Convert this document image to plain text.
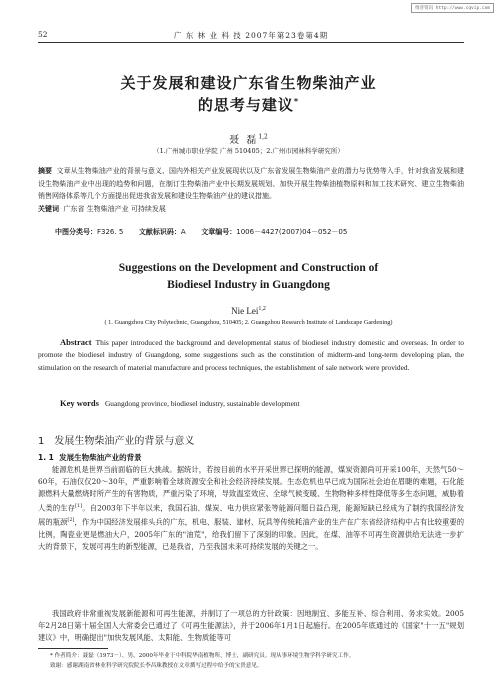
维普资讯 http://www.cqvip.com
52	广 东 林 业 科 技 2007年第23卷第4期
关于发展和建设广东省生物柴油产业
的思考与建议*
聂 磊$^{1,2}$
（1.广州城市职业学院 广州 510405；2.广州市园林科学研究所）
摘要 文章从生物柴油产业的背景与意义、国内外相关产业发展现状以及广东省发展生物柴油产业的潜力与优势等入手，针对我省发展和建设生物柴油产业中出现的趋势和问题，在制订生物柴油产业中长期发展规划、加快开展生物柴油植物原料和加工技术研究、建立生物柴油销售网络体系等几个方面提出促进我省发展和建设生物柴油产业的建议措施。
关键词 广东省 生物柴油产业 可持续发展
中图分类号：F326. 5 文献标识码：A 文章编号：1006－4427(2007)04－052－05
Suggestions on the Development and Construction of
Biodiesel Industry in Guangdong
Nie Lei$^{1,2}$
( 1. Guangzhou City Polytechnic, Guangzhou, 510405; 2. Guangzhou Research Institute of Landscape Gardening)
Abstract This paper introduced the background and developmental status of biodiesel industry domestic and overseas. In order to promote the biodiesel industry of Guangdong, some suggestions such as the constitution of midterm-and long-term developing plan, the stimulation on the research of material manufacture and process techniques, the establishment of sale network were provided.
Key words Guangdong province, biodiesel industry, sustainable development
1 发展生物柴油产业的背景与意义
1. 1 发展生物柴油产业的背景
能源危机是世界当前面临的巨大挑战。据统计，若按目前的水平开采世界已探明的能源，煤炭资源尚可开采100年，天然气50～60年，石油仅仅20～30年，严重影响着全球资源安全和社会经济持续发展。生态危机也早已成为国际社会迫在眉睫的难题，石化能源燃料大量燃烧时所产生的有害物质，严重污染了环境，导致温室效应、全球气候变暖、生物物种多样性降低等多生态问题，威胁着人类的生存[1]。自2003年下半年以来，我国石油、煤炭、电力供应紧张等能源问题日益凸现，能源短缺已经成为了制约我国经济发展的瓶颈[2]，作为中国经济发展排头兵的广东，机电、服装、建材、玩具等传统耗油产业的生产在广东省经济结构中占有比较重要的比例，陶瓷业更是燃油大户，2005年广东的"油荒"，给我们留下了深刻的印象。因此，在煤、油等不可再生资源供给无法进一步扩大的背景下，发展可再生的新型能源，已是我省，乃至我国未来可持续发展的关键之一。
我国政府非常重视发展新能源和可再生能源，并制订了一项总的方针政策：因地制宜、多能互补、综合利用、务求实效。2005年2月28日第十届全国人大常委会已通过了《可再生能源法》，并于2006年1月1日起施行。在2005年底通过的《国家"十一五"规划建议》中，明确提出"加快发展风能、太阳能、生物质能等可
* 作者简介：聂磊（1973－），男，2000年毕业于中科院华南植物所，博士，副研究员。现从事环境生物学科学研究工作。
致谢：感谢湖南省林业科学研究院院长李昌珠教授在文章撰写过程中给予的宝贵意见。
